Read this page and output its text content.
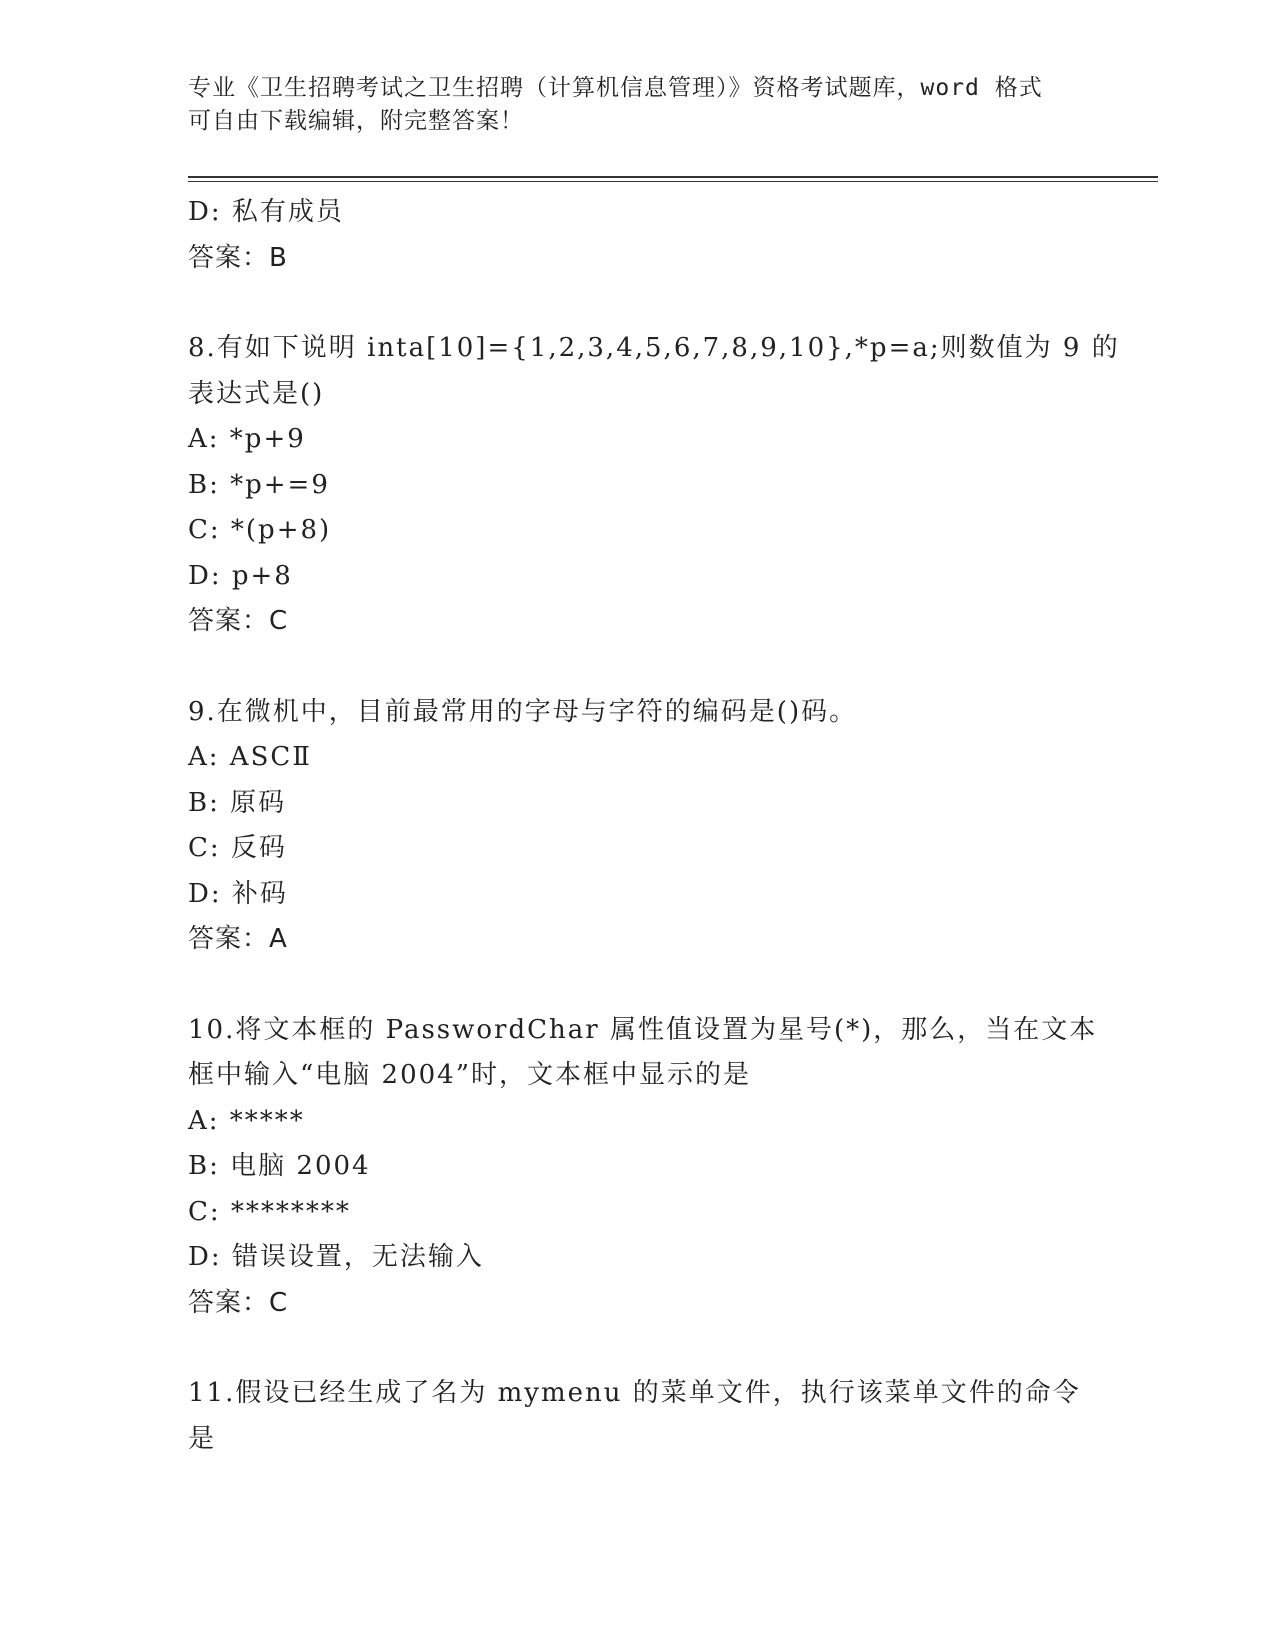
专业《卫生招聘考试之卫生招聘（计算机信息管理）》资格考试题库，word 格式
可自由下载编辑，附完整答案！
D: 私有成员
答案：B
8.有如下说明 inta[10]={1,2,3,4,5,6,7,8,9,10},*p=a;则数值为 9 的
表达式是()
A: *p+9
B: *p+=9
C: *(p+8)
D: p+8
答案：C
9.在微机中，目前最常用的字母与字符的编码是()码。
A: ASCⅡ
B: 原码
C: 反码
D: 补码
答案：A
10.将文本框的 PasswordChar 属性值设置为星号(*)，那么，当在文本
框中输入“电脑 2004”时，文本框中显示的是
A: *****
B: 电脑 2004
C: ********
D: 错误设置，无法输入
答案：C
11.假设已经生成了名为 mymenu 的菜单文件，执行该菜单文件的命令
是
